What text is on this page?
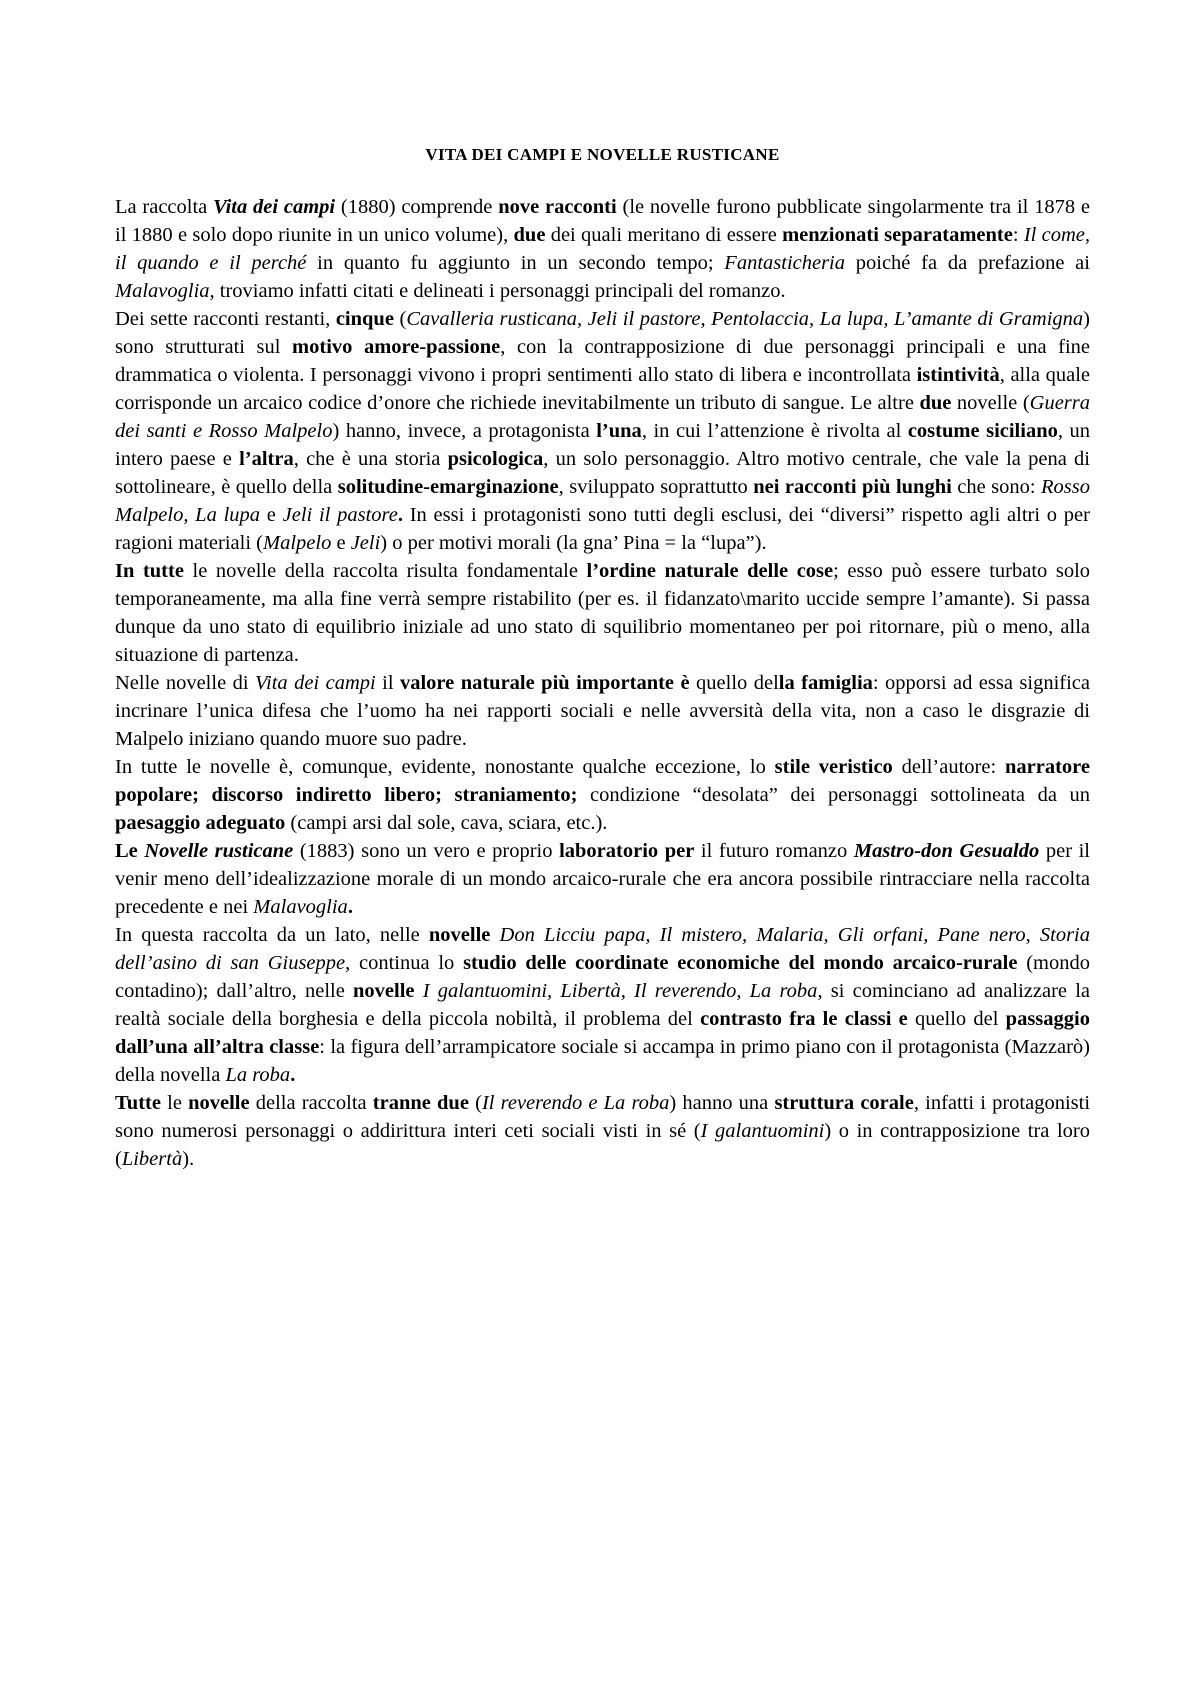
VITA DEI CAMPI E NOVELLE RUSTICANE

La raccolta Vita dei campi (1880) comprende nove racconti (le novelle furono pubblicate singolarmente tra il 1878 e il 1880 e solo dopo riunite in un unico volume), due dei quali meritano di essere menzionati separatamente: Il come, il quando e il perché in quanto fu aggiunto in un secondo tempo; Fantasticheria poiché fa da prefazione ai Malavoglia, troviamo infatti citati e delineati i personaggi principali del romanzo.

Dei sette racconti restanti, cinque (Cavalleria rusticana, Jeli il pastore, Pentolaccia, La lupa, L’amante di Gramigna) sono strutturati sul motivo amore-passione, con la contrapposizione di due personaggi principali e una fine drammatica o violenta. I personaggi vivono i propri sentimenti allo stato di libera e incontrollata istintività, alla quale corrisponde un arcaico codice d’onore che richiede inevitabilmente un tributo di sangue. Le altre due novelle (Guerra dei santi e Rosso Malpelo) hanno, invece, a protagonista l’una, in cui l’attenzione è rivolta al costume siciliano, un intero paese e l’altra, che è una storia psicologica, un solo personaggio. Altro motivo centrale, che vale la pena di sottolineare, è quello della solitudine-emarginazione, sviluppato soprattutto nei racconti più lunghi che sono: Rosso Malpelo, La lupa e Jeli il pastore. In essi i protagonisti sono tutti degli esclusi, dei “diversi” rispetto agli altri o per ragioni materiali (Malpelo e Jeli) o per motivi morali (la gna’ Pina = la “lupa”).

In tutte le novelle della raccolta risulta fondamentale l’ordine naturale delle cose; esso può essere turbato solo temporaneamente, ma alla fine verrà sempre ristabilito (per es. il fidanzato\marito uccide sempre l’amante). Si passa dunque da uno stato di equilibrio iniziale ad uno stato di squilibrio momentaneo per poi ritornare, più o meno, alla situazione di partenza.

Nelle novelle di Vita dei campi il valore naturale più importante è quello della famiglia: opporsi ad essa significa incrinare l’unica difesa che l’uomo ha nei rapporti sociali e nelle avversità della vita, non a caso le disgrazie di Malpelo iniziano quando muore suo padre.

In tutte le novelle è, comunque, evidente, nonostante qualche eccezione, lo stile veristico dell’autore: narratore popolare; discorso indiretto libero; straniamento; condizione “desolata” dei personaggi sottolineata da un paesaggio adeguato (campi arsi dal sole, cava, sciara, etc.).

Le Novelle rusticane (1883) sono un vero e proprio laboratorio per il futuro romanzo Mastro-don Gesualdo per il venir meno dell’idealizzazione morale di un mondo arcaico-rurale che era ancora possibile rintracciare nella raccolta precedente e nei Malavoglia.

In questa raccolta da un lato, nelle novelle Don Licciu papa, Il mistero, Malaria, Gli orfani, Pane nero, Storia dell’asino di san Giuseppe, continua lo studio delle coordinate economiche del mondo arcaico-rurale (mondo contadino); dall’altro, nelle novelle I galantuomini, Libertà, Il reverendo, La roba, si cominciano ad analizzare la realtà sociale della borghesia e della piccola nobiltà, il problema del contrasto fra le classi e quello del passaggio dall’una all’altra classe: la figura dell’arrampicatore sociale si accampa in primo piano con il protagonista (Mazzarò) della novella La roba.

Tutte le novelle della raccolta tranne due (Il reverendo e La roba) hanno una struttura corale, infatti i protagonisti sono numerosi personaggi o addirittura interi ceti sociali visti in sé (I galantuomini) o in contrapposizione tra loro (Libertà).
